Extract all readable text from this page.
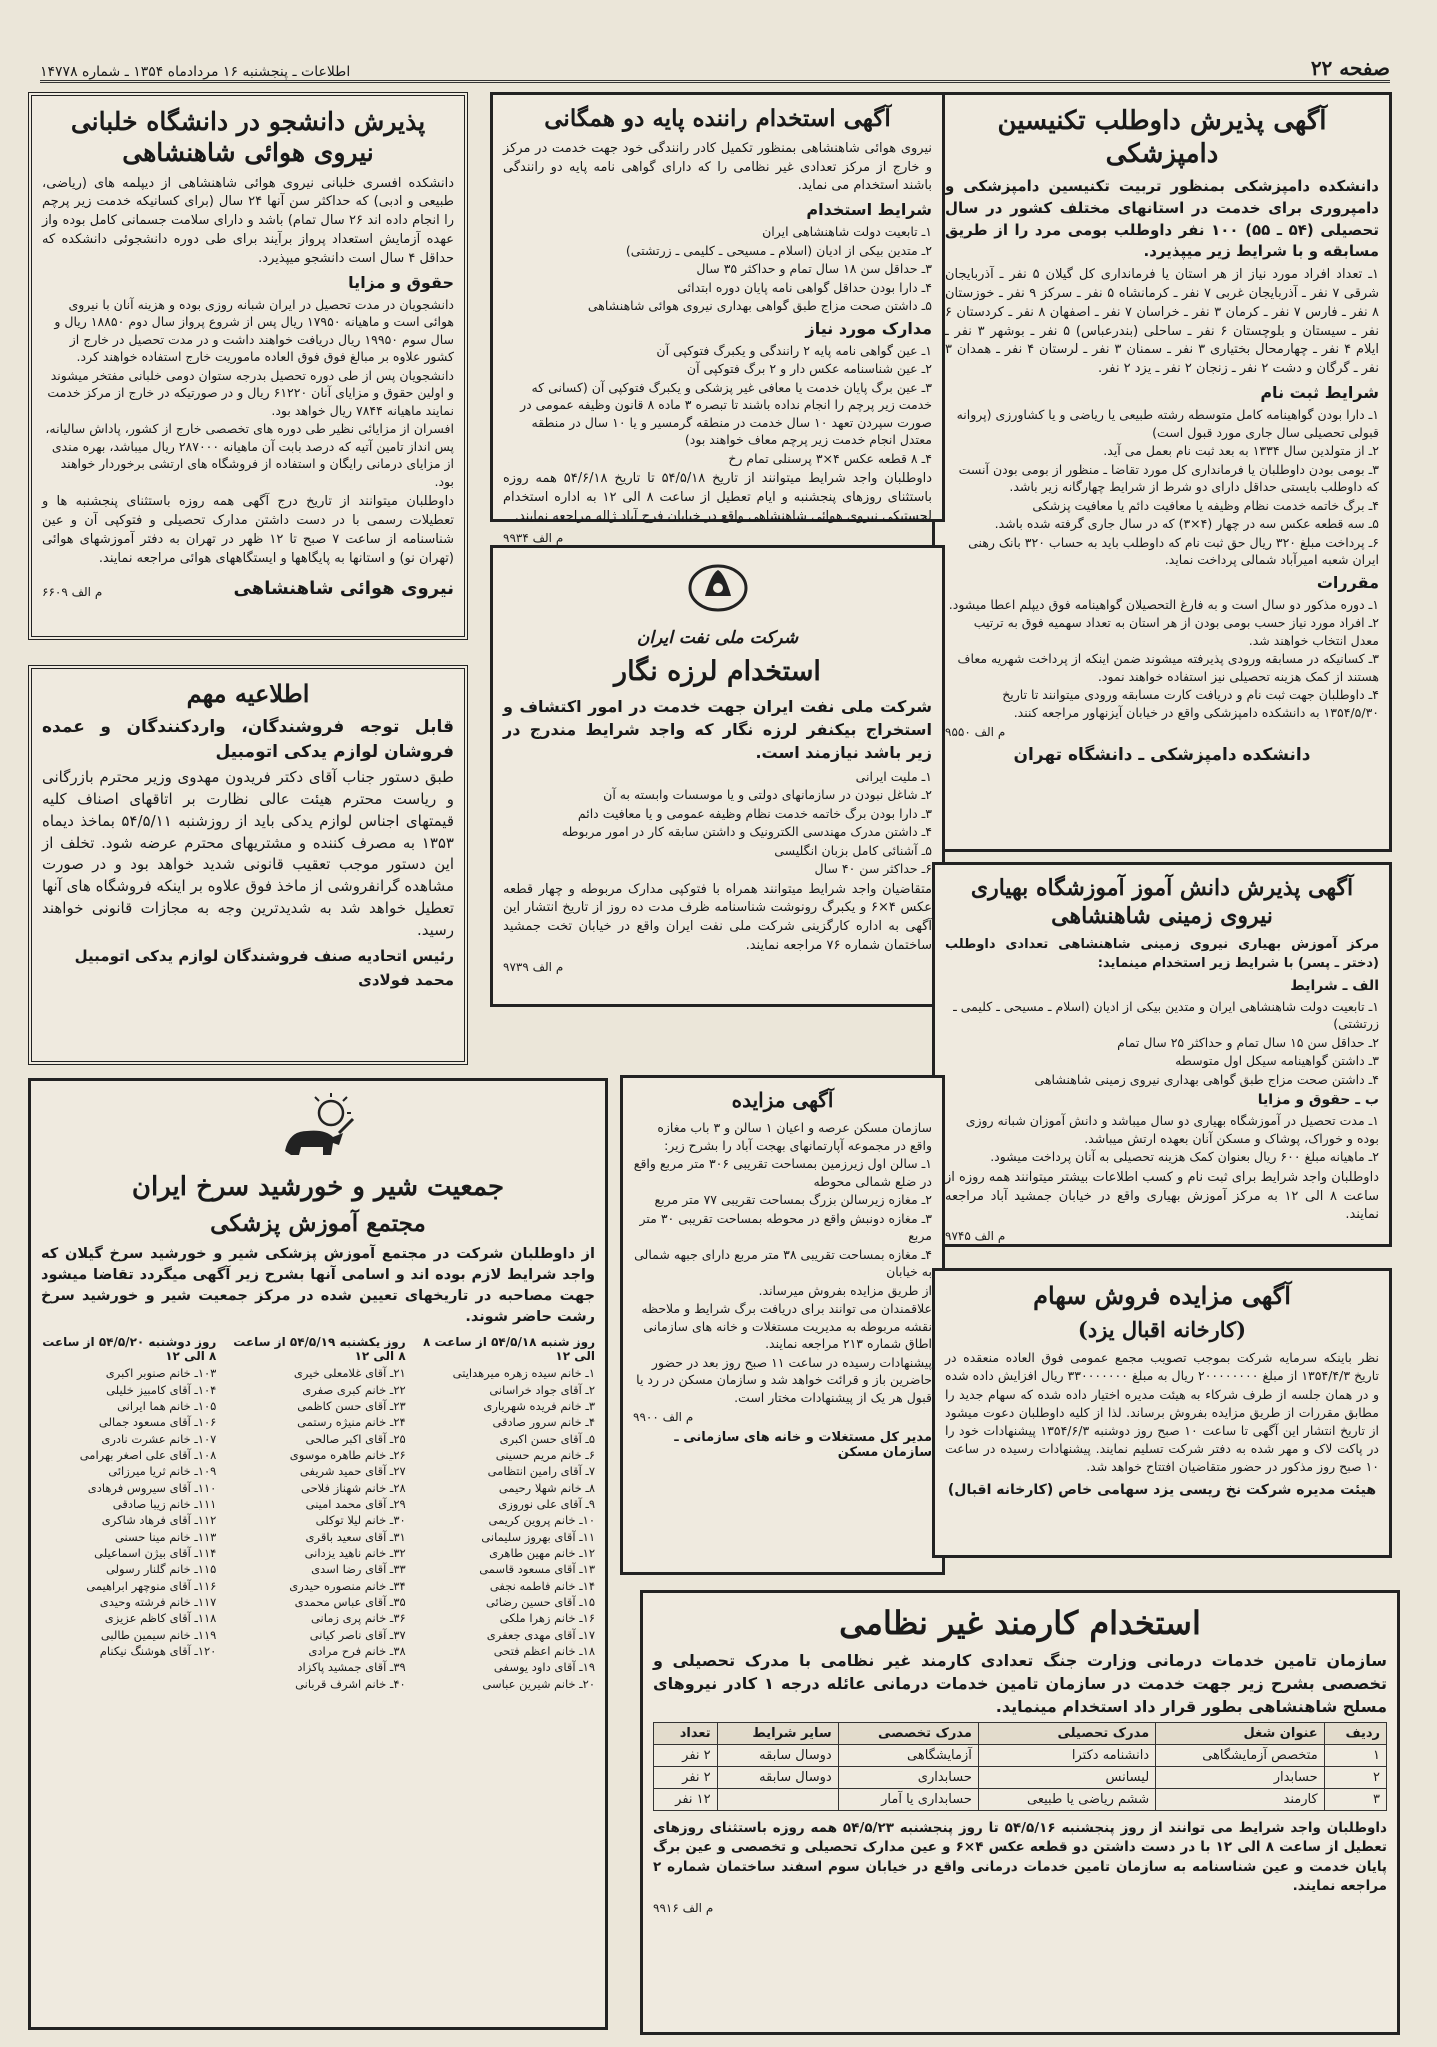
صفحه ۲۲
اطلاعات ـ پنجشنبه ۱۶ مردادماه ۱۳۵۴ ـ شماره ۱۴۷۷۸
آگهی پذیرش داوطلب تکنیسین دامپزشکی
دانشکده دامپزشکی بمنظور تربیت تکنیسین دامپزشکی و دامپروری برای خدمت در استانهای مختلف کشور در سال تحصیلی (۵۴ ـ ۵۵) ۱۰۰ نفر داوطلب بومی مرد را از طریق مسابقه و با شرایط زیر میپذیرد.
۱ـ تعداد افراد مورد نیاز از هر استان یا فرمانداری کل گیلان ۵ نفر ـ آذربایجان شرقی ۷ نفر ـ آذربایجان غربی ۷ نفر ـ کرمانشاه ۵ نفر ـ سرکز ۹ نفر ـ خوزستان ۸ نفر ـ فارس ۷ نفر ـ کرمان ۳ نفر ـ خراسان ۷ نفر ـ اصفهان ۸ نفر ـ کردستان ۶ نفر ـ سیستان و بلوچستان ۶ نفر ـ ساحلی (بندرعباس) ۵ نفر ـ بوشهر ۳ نفر ـ ایلام ۴ نفر ـ چهارمحال بختیاری ۳ نفر ـ سمنان ۳ نفر ـ لرستان ۴ نفر ـ همدان ۳ نفر ـ گرگان و دشت ۲ نفر ـ زنجان ۲ نفر ـ یزد ۲ نفر.
شرایط ثبت نام
۱ـ دارا بودن گواهینامه کامل متوسطه رشته طبیعی یا ریاضی و یا کشاورزی (پروانه قبولی تحصیلی سال جاری مورد قبول است)
۲ـ از متولدین سال ۱۳۳۴ به بعد ثبت نام بعمل می آید.
۳ـ بومی بودن داوطلبان یا فرمانداری کل مورد تقاضا ـ منظور از بومی بودن آنست که داوطلب بایستی حداقل دارای دو شرط از شرایط چهارگانه زیر باشد.
۴ـ برگ خاتمه خدمت نظام وظیفه یا معافیت دائم یا معافیت پزشکی
۵ـ سه قطعه عکس سه در چهار (۴×۳) که در سال جاری گرفته شده باشد.
۶ـ پرداخت مبلغ ۳۲۰ ریال حق ثبت نام که داوطلب باید به حساب ۳۲۰ بانک رهنی ایران شعبه امیرآباد شمالی پرداخت نماید.
مقررات
۱ـ دوره مذکور دو سال است و به فارغ التحصیلان گواهینامه فوق دیپلم اعطا میشود.
۲ـ افراد مورد نیاز حسب بومی بودن از هر استان به تعداد سهمیه فوق به ترتیب معدل انتخاب خواهند شد.
۳ـ کسانیکه در مسابقه ورودی پذیرفته میشوند ضمن اینکه از پرداخت شهریه معاف هستند از کمک هزینه تحصیلی نیز استفاده خواهند نمود.
۴ـ داوطلبان جهت ثبت نام و دریافت کارت مسابقه ورودی میتوانند تا تاریخ ۱۳۵۴/۵/۳۰ به دانشکده دامپزشکی واقع در خیابان آیزنهاور مراجعه کنند.
م الف ۹۵۵۰
دانشکده دامپزشکی ـ دانشگاه تهران
آگهی استخدام راننده پایه دو همگانی
نیروی هوائی شاهنشاهی بمنظور تکمیل کادر رانندگی خود جهت خدمت در مرکز و خارج از مرکز تعدادی غیر نظامی را که دارای گواهی نامه پایه دو رانندگی باشند استخدام می نماید.
شرایط استخدام
۱ـ تابعیت دولت شاهنشاهی ایران
۲ـ متدین بیکی از ادیان (اسلام ـ مسیحی ـ کلیمی ـ زرتشتی)
۳ـ حداقل سن ۱۸ سال تمام و حداکثر ۳۵ سال
۴ـ دارا بودن حداقل گواهی نامه پایان دوره ابتدائی
۵ـ داشتن صحت مزاج طبق گواهی بهداری نیروی هوائی شاهنشاهی
مدارک مورد نیاز
۱ـ عین گواهی نامه پایه ۲ رانندگی و یکبرگ فتوکپی آن
۲ـ عین شناسنامه عکس دار و ۲ برگ فتوکپی آن
۳ـ عین برگ پایان خدمت یا معافی غیر پزشکی و یکبرگ فتوکپی آن (کسانی که خدمت زیر پرچم را انجام نداده باشند تا تبصره ۳ ماده ۸ قانون وظیفه عمومی در صورت سپردن تعهد ۱۰ سال خدمت در منطقه گرمسیر و یا ۱۰ سال در منطقه معتدل انجام خدمت زیر پرچم معاف خواهند بود)
۴ـ ۸ قطعه عکس ۴×۳ پرسنلی تمام رخ
داوطلبان واجد شرایط میتوانند از تاریخ ۵۴/۵/۱۸ تا تاریخ ۵۴/۶/۱۸ همه روزه باستثنای روزهای پنجشنبه و ایام تعطیل از ساعت ۸ الی ۱۲ به اداره استخدام لجستیکی نیروی هوائی شاهنشاهی واقع در خیابان فرح آباد ژاله مراجعه نمایند.
م الف ۹۹۳۴
پذیرش دانشجو در دانشگاه خلبانی نیروی هوائی شاهنشاهی
دانشکده افسری خلبانی نیروی هوائی شاهنشاهی از دیپلمه های (ریاضی، طبیعی و ادبی) که حداکثر سن آنها ۲۴ سال (برای کسانیکه خدمت زیر پرچم را انجام داده اند ۲۶ سال تمام) باشد و دارای سلامت جسمانی کامل بوده واز عهده آزمایش استعداد پرواز برآیند برای طی دوره دانشجوئی دانشکده که حداقل ۴ سال است دانشجو میپذیرد.
حقوق و مزایا
دانشجویان در مدت تحصیل در ایران شبانه روزی بوده و هزینه آنان با نیروی هوائی است و ماهیانه ۱۷۹۵۰ ریال پس از شروع پرواز سال دوم ۱۸۸۵۰ ریال و سال سوم ۱۹۹۵۰ ریال دریافت خواهند داشت و در مدت تحصیل در خارج از کشور علاوه بر مبالغ فوق فوق العاده ماموریت خارج استفاده خواهند کرد.
دانشجویان پس از طی دوره تحصیل بدرجه ستوان دومی خلبانی مفتخر میشوند و اولین حقوق و مزایای آنان ۶۱۲۲۰ ریال و در صورتیکه در خارج از مرکز خدمت نمایند ماهیانه ۷۸۴۴ ریال خواهد بود.
افسران از مزایائی نظیر طی دوره های تخصصی خارج از کشور، پاداش سالیانه، پس انداز تامین آتیه که درصد بابت آن ماهیانه ۲۸۷۰۰۰ ریال میباشد، بهره مندی از مزایای درمانی رایگان و استفاده از فروشگاه های ارتشی برخوردار خواهند بود.
داوطلبان میتوانند از تاریخ درج آگهی همه روزه باستثنای پنجشنبه ها و تعطیلات رسمی با در دست داشتن مدارک تحصیلی و فتوکپی آن و عین شناسنامه از ساعت ۷ صبح تا ۱۲ ظهر در تهران به دفتر آموزشهای هوائی (تهران نو) و استانها به پایگاهها و ایستگاههای هوائی مراجعه نمایند.
نیروی هوائی شاهنشاهی
م الف ۶۶۰۹
شرکت ملی نفت ایران
استخدام لرزه نگار
شرکت ملی نفت ایران جهت خدمت در امور اکتشاف و استخراج بیکنفر لرزه نگار که واجد شرایط مندرج در زیر باشد نیازمند است.
۱ـ ملیت ایرانی
۲ـ شاغل نبودن در سازمانهای دولتی و یا موسسات وابسته به آن
۳ـ دارا بودن برگ خاتمه خدمت نظام وظیفه عمومی و یا معافیت دائم
۴ـ داشتن مدرک مهندسی الکترونیک و داشتن سابقه کار در امور مربوطه
۵ـ آشنائی کامل بزبان انگلیسی
۶ـ حداکثر سن ۴۰ سال
متقاضیان واجد شرایط میتوانند همراه با فتوکپی مدارک مربوطه و چهار قطعه عکس ۴×۶ و یکبرگ رونوشت شناسنامه ظرف مدت ده روز از تاریخ انتشار این آگهی به اداره کارگزینی شرکت ملی نفت ایران واقع در خیابان تخت جمشید ساختمان شماره ۷۶ مراجعه نمایند.
م الف ۹۷۳۹
اطلاعیه مهم
قابل توجه فروشندگان، واردکنندگان و عمده فروشان لوازم یدکی اتومبیل
طبق دستور جناب آقای دکتر فریدون مهدوی وزیر محترم بازرگانی و ریاست محترم هیئت عالی نظارت بر اتاقهای اصناف کلیه قیمتهای اجناس لوازم یدکی باید از روزشنبه ۵۴/۵/۱۱ بماخذ دیماه ۱۳۵۳ به مصرف کننده و مشتریهای محترم عرضه شود. تخلف از این دستور موجب تعقیب قانونی شدید خواهد بود و در صورت مشاهده گرانفروشی از ماخذ فوق علاوه بر اینکه فروشگاه های آنها تعطیل خواهد شد به شدیدترین وجه به مجازات قانونی خواهند رسید.
رئیس اتحادیه صنف فروشندگان لوازم یدکی اتومبیل
محمد فولادی
آگهی پذیرش دانش آموز آموزشگاه بهیاری نیروی زمینی شاهنشاهی
مرکز آموزش بهیاری نیروی زمینی شاهنشاهی تعدادی داوطلب (دختر ـ پسر) با شرایط زیر استخدام مینماید:
الف ـ شرایط
۱ـ تابعیت دولت شاهنشاهی ایران و متدین بیکی از ادیان (اسلام ـ مسیحی ـ کلیمی ـ زرتشتی)
۲ـ حداقل سن ۱۵ سال تمام و حداکثر ۲۵ سال تمام
۳ـ داشتن گواهینامه سیکل اول متوسطه
۴ـ داشتن صحت مزاج طبق گواهی بهداری نیروی زمینی شاهنشاهی
ب ـ حقوق و مزایا
۱ـ مدت تحصیل در آموزشگاه بهیاری دو سال میباشد و دانش آموزان شبانه روزی بوده و خوراک، پوشاک و مسکن آنان بعهده ارتش میباشد.
۲ـ ماهیانه مبلغ ۶۰۰ ریال بعنوان کمک هزینه تحصیلی به آنان پرداخت میشود.
داوطلبان واجد شرایط برای ثبت نام و کسب اطلاعات بیشتر میتوانند همه روزه از ساعت ۸ الی ۱۲ به مرکز آموزش بهیاری واقع در خیابان جمشید آباد مراجعه نمایند.
م الف ۹۷۴۵
آگهی مزایده
سازمان مسکن عرصه و اعیان ۱ سالن و ۳ باب مغازه واقع در مجموعه آپارتمانهای بهجت آباد را بشرح زیر:
۱ـ سالن اول زیرزمین بمساحت تقریبی ۳۰۶ متر مربع واقع در ضلع شمالی محوطه
۲ـ مغازه زیرسالن بزرگ بمساحت تقریبی ۷۷ متر مربع
۳ـ مغازه دونبش واقع در محوطه بمساحت تقریبی ۳۰ متر مربع
۴ـ مغازه بمساحت تقریبی ۳۸ متر مربع دارای جبهه شمالی به خیابان
از طریق مزایده بفروش میرساند.
علاقمندان می توانند برای دریافت برگ شرایط و ملاحظه نقشه مربوطه به مدیریت مستغلات و خانه های سازمانی اطاق شماره ۲۱۳ مراجعه نمایند.
پیشنهادات رسیده در ساعت ۱۱ صبح روز بعد در حضور حاضرین باز و قرائت خواهد شد و سازمان مسکن در رد یا قبول هر یک از پیشنهادات مختار است.
م الف ۹۹۰۰
مدیر کل مستغلات و خانه های سازمانی ـ سازمان مسکن
آگهی مزایده فروش سهام
(کارخانه اقبال یزد)
نظر باینکه سرمایه شرکت بموجب تصویب مجمع عمومی فوق العاده منعقده در تاریخ ۱۳۵۴/۴/۳ از مبلغ ۲۰۰۰۰۰۰۰۰ ریال به مبلغ ۳۳۰۰۰۰۰۰۰ ریال افزایش داده شده و در همان جلسه از طرف شرکاء به هیئت مدیره اختیار داده شده که سهام جدید را مطابق مقررات از طریق مزایده بفروش برساند. لذا از کلیه داوطلبان دعوت میشود از تاریخ انتشار این آگهی تا ساعت ۱۰ صبح روز دوشنبه ۱۳۵۴/۶/۳ پیشنهادات خود را در پاکت لاک و مهر شده به دفتر شرکت تسلیم نمایند. پیشنهادات رسیده در ساعت ۱۰ صبح روز مذکور در حضور متقاضیان افتتاح خواهد شد.
هیئت مدیره شرکت نخ ریسی یزد سهامی خاص (کارخانه اقبال)
جمعیت شیر و خورشید سرخ ایران
مجتمع آموزش پزشکی
از داوطلبان شرکت در مجتمع آموزش پزشکی شیر و خورشید سرخ گیلان که واجد شرایط لازم بوده اند و اسامی آنها بشرح زیر آگهی میگردد تقاضا میشود جهت مصاحبه در تاریخهای تعیین شده در مرکز جمعیت شیر و خورشید سرخ رشت حاضر شوند.
روز شنبه ۵۴/۵/۱۸ از ساعت ۸ الی ۱۲
۱ـ خانم سیده زهره میرهدایتی
۲ـ آقای جواد خراسانی
۳ـ خانم فریده شهریاری
۴ـ خانم سرور صادقی
۵ـ آقای حسن اکبری
۶ـ خانم مریم حسینی
۷ـ آقای رامین انتظامی
۸ـ خانم شهلا رحیمی
۹ـ آقای علی نوروزی
۱۰ـ خانم پروین کریمی
۱۱ـ آقای بهروز سلیمانی
۱۲ـ خانم مهین طاهری
۱۳ـ آقای مسعود قاسمی
۱۴ـ خانم فاطمه نجفی
۱۵ـ آقای حسین رضائی
۱۶ـ خانم زهرا ملکی
۱۷ـ آقای مهدی جعفری
۱۸ـ خانم اعظم فتحی
۱۹ـ آقای داود یوسفی
۲۰ـ خانم شیرین عباسی
روز یکشنبه ۵۴/۵/۱۹ از ساعت ۸ الی ۱۲
۲۱ـ آقای غلامعلی خیری
۲۲ـ خانم کبری صفری
۲۳ـ آقای حسن کاظمی
۲۴ـ خانم منیژه رستمی
۲۵ـ آقای اکبر صالحی
۲۶ـ خانم طاهره موسوی
۲۷ـ آقای حمید شریفی
۲۸ـ خانم شهناز فلاحی
۲۹ـ آقای محمد امینی
۳۰ـ خانم لیلا توکلی
۳۱ـ آقای سعید باقری
۳۲ـ خانم ناهید یزدانی
۳۳ـ آقای رضا اسدی
۳۴ـ خانم منصوره حیدری
۳۵ـ آقای عباس محمدی
۳۶ـ خانم پری زمانی
۳۷ـ آقای ناصر کیانی
۳۸ـ خانم فرح مرادی
۳۹ـ آقای جمشید پاکزاد
۴۰ـ خانم اشرف قربانی
روز دوشنبه ۵۴/۵/۲۰ از ساعت ۸ الی ۱۲
۱۰۳ـ خانم صنوبر اکبری
۱۰۴ـ آقای کامبیز خلیلی
۱۰۵ـ خانم هما ایرانی
۱۰۶ـ آقای مسعود جمالی
۱۰۷ـ خانم عشرت نادری
۱۰۸ـ آقای علی اصغر بهرامی
۱۰۹ـ خانم ثریا میرزائی
۱۱۰ـ آقای سیروس فرهادی
۱۱۱ـ خانم زیبا صادقی
۱۱۲ـ آقای فرهاد شاکری
۱۱۳ـ خانم مینا حسنی
۱۱۴ـ آقای بیژن اسماعیلی
۱۱۵ـ خانم گلنار رسولی
۱۱۶ـ آقای منوچهر ابراهیمی
۱۱۷ـ خانم فرشته وحیدی
۱۱۸ـ آقای کاظم عزیزی
۱۱۹ـ خانم سیمین طالبی
۱۲۰ـ آقای هوشنگ نیکنام
استخدام کارمند غیر نظامی
سازمان تامین خدمات درمانی وزارت جنگ تعدادی کارمند غیر نظامی با مدرک تحصیلی و تخصصی بشرح زیر جهت خدمت در سازمان تامین خدمات درمانی عائله درجه ۱ کادر نیروهای مسلح شاهنشاهی بطور قرار داد استخدام مینماید.
ردیف	عنوان شغل	مدرک تحصیلی	مدرک تخصصی	سایر شرایط	تعداد
۱	متخصص آزمایشگاهی	دانشنامه دکترا	آزمایشگاهی	دوسال سابقه	۲ نفر
۲	حسابدار	لیسانس	حسابداری	دوسال سابقه	۲ نفر
۳	کارمند	ششم ریاضی یا طبیعی	حسابداری یا آمار		۱۲ نفر
داوطلبان واجد شرایط می توانند از روز پنجشنبه ۵۴/۵/۱۶ تا روز پنجشنبه ۵۴/۵/۲۳ همه روزه باستثنای روزهای تعطیل از ساعت ۸ الی ۱۲ با در دست داشتن دو قطعه عکس ۴×۶ و عین مدارک تحصیلی و تخصصی و عین برگ پایان خدمت و عین شناسنامه به سازمان تامین خدمات درمانی واقع در خیابان سوم اسفند ساختمان شماره ۲ مراجعه نمایند.
م الف ۹۹۱۶
